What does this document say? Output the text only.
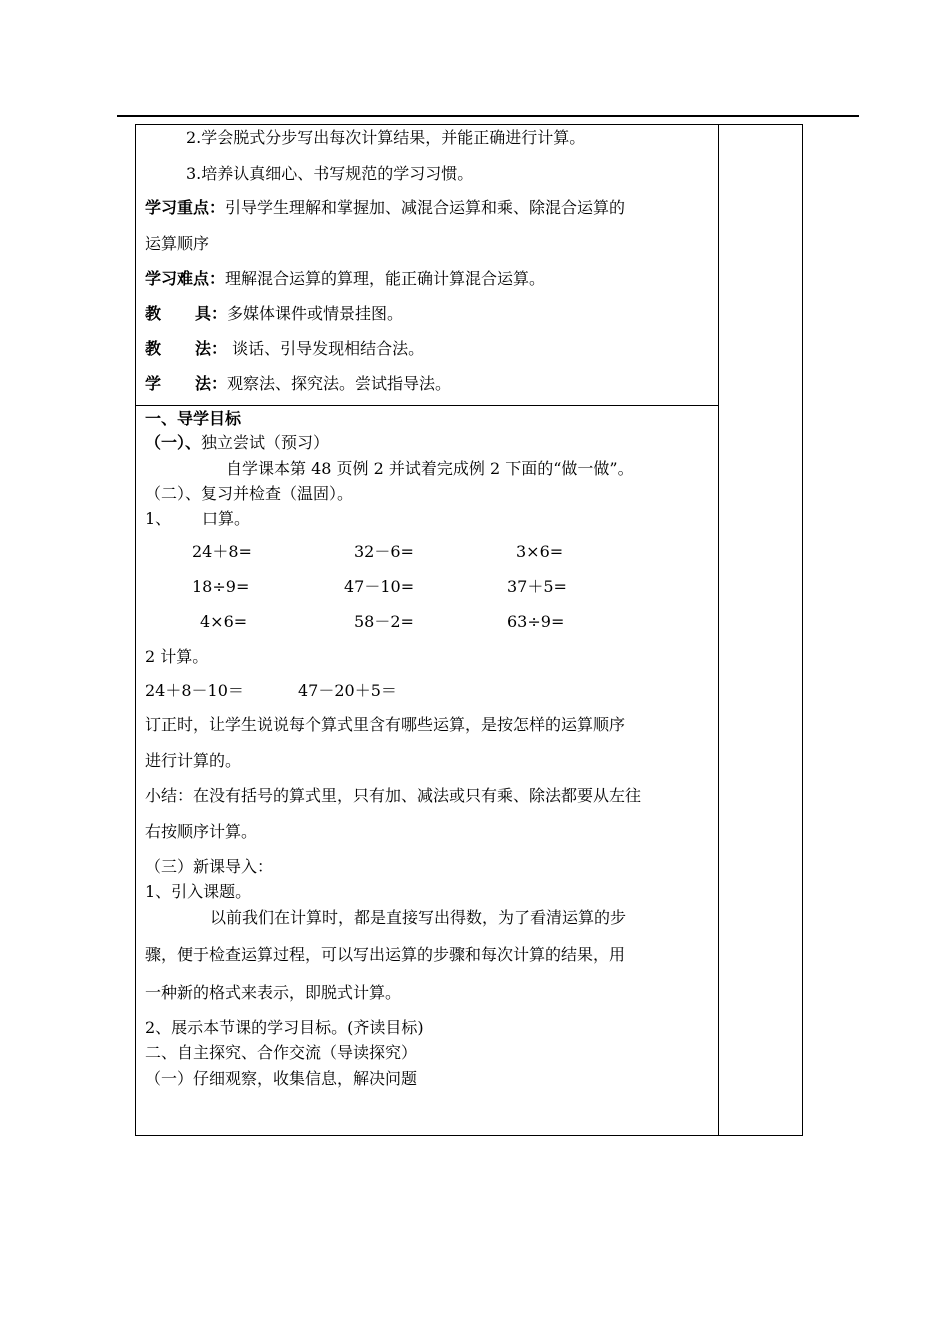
2.学会脱式分步写出每次计算结果，并能正确进行计算。
3.培养认真细心、书写规范的学习习惯。
学习重点：引导学生理解和掌握加、减混合运算和乘、除混合运算的
运算顺序
学习难点：理解混合运算的算理，能正确计算混合运算。
教 具：多媒体课件或情景挂图。
教 法： 谈话、引导发现相结合法。
学 法：观察法、探究法。尝试指导法。
一、导学目标
（一）、独立尝试（预习）
自学课本第 48 页例 2 并试着完成例 2 下面的“做一做”。
（二）、复习并检查（温固）。
1、 口算。
24＋8=	32－6=	3×6=
18÷9=	47－10=	37＋5=
4×6=	58－2=	63÷9=
2 计算。
24＋8－10＝	47－20＋5＝
订正时，让学生说说每个算式里含有哪些运算，是按怎样的运算顺序
进行计算的。
小结：在没有括号的算式里，只有加、减法或只有乘、除法都要从左往
右按顺序计算。
（三）新课导入：
1、引入课题。
以前我们在计算时，都是直接写出得数，为了看清运算的步
骤，便于检查运算过程，可以写出运算的步骤和每次计算的结果，用
一种新的格式来表示，即脱式计算。
2、展示本节课的学习目标。(齐读目标)
二、自主探究、合作交流（导读探究）
（一）仔细观察，收集信息，解决问题
